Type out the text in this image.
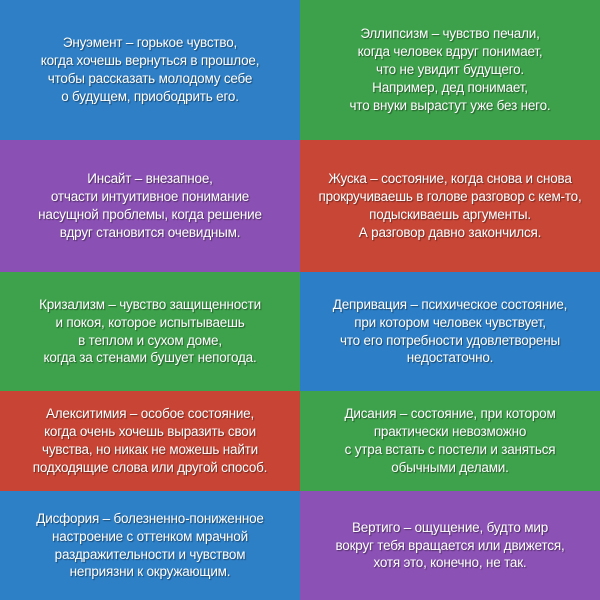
Энуэмент – горькое чувство,
когда хочешь вернуться в прошлое,
чтобы рассказать молодому себе
о будущем, приободрить его.

Эллипсизм – чувство печали,
когда человек вдруг понимает,
что не увидит будущего.
Например, дед понимает,
что внуки вырастут уже без него.

Инсайт – внезапное,
отчасти интуитивное понимание
насущной проблемы, когда решение
вдруг становится очевидным.

Жуска – состояние, когда снова и снова
прокручиваешь в голове разговор с кем-то,
подыскиваешь аргументы.
А разговор давно закончился.

Кризализм – чувство защищенности
и покоя, которое испытываешь
в теплом и сухом доме,
когда за стенами бушует непогода.

Депривация – психическое состояние,
при котором человек чувствует,
что его потребности удовлетворены
недостаточно.

Алекситимия – особое состояние,
когда очень хочешь выразить свои
чувства, но никак не можешь найти
подходящие слова или другой способ.

Дисания – состояние, при котором
практически невозможно
с утра встать с постели и заняться
обычными делами.

Дисфория – болезненно-пониженное
настроение с оттенком мрачной
раздражительности и чувством
неприязни к окружающим.

Вертиго – ощущение, будто мир
вокруг тебя вращается или движется,
хотя это, конечно, не так.
